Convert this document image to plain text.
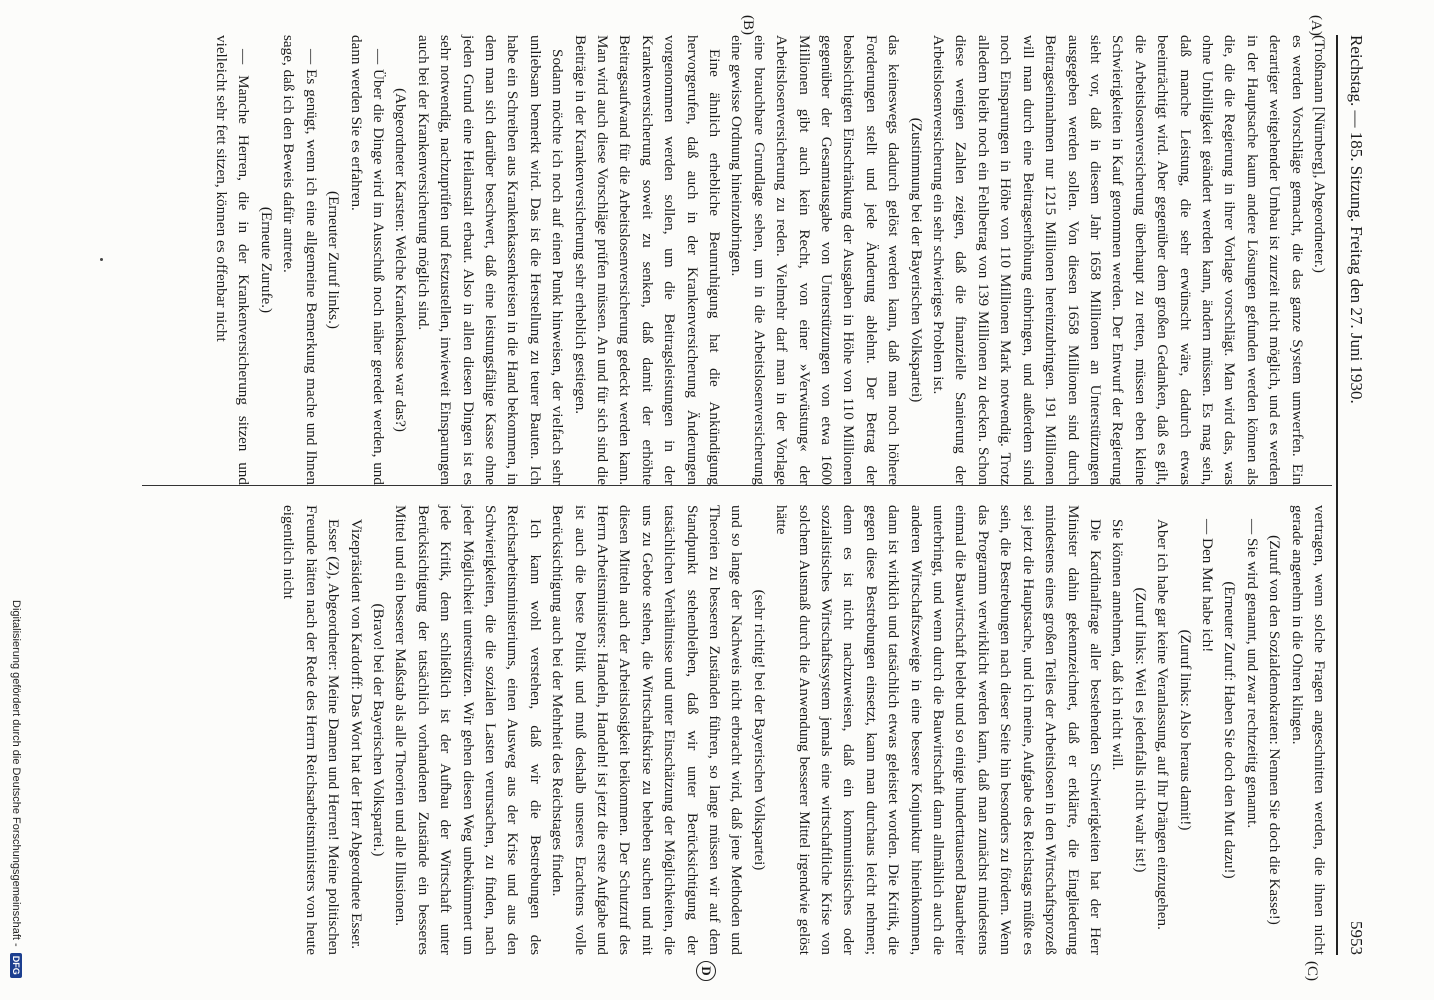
Reichstag. — 185. Sitzung. Freitag den 27. Juni 1930.
5953
(A)
(B)
(C)
D

(Troßmann [Nürnberg], Abgeordneter.)

es werden Vorschläge gemacht, die das ganze System umwerfen. Ein derartiger weitgehender Umbau ist zurzeit nicht möglich, und es werden in der Hauptsache kaum andere Lösungen gefunden werden können als die, die die Regierung in ihrer Vorlage vorschlägt. Man wird das, was ohne Unbilligkeit geändert werden kann, ändern müssen. Es mag sein, daß manche Leistung, die sehr erwünscht wäre, dadurch etwas beeinträchtigt wird. Aber gegenüber dem großen Gedanken, daß es gilt, die Arbeitslosenversicherung überhaupt zu retten, müssen eben kleine Schwierigkeiten in Kauf genommen werden. Der Entwurf der Regierung sieht vor, daß in diesem Jahr 1658 Millionen an Unterstützungen ausgegeben werden sollen. Von diesen 1658 Millionen sind durch Beitragseinnahmen nur 1215 Millionen hereinzubringen. 191 Millionen will man durch eine Beitragserhöhung einbringen, und außerdem sind noch Einsparungen in Höhe von 110 Millionen Mark notwendig. Trotz alledem bleibt noch ein Fehlbetrag von 139 Millionen zu decken. Schon diese wenigen Zahlen zeigen, daß die finanzielle Sanierung der Arbeitslosenversicherung ein sehr schwieriges Problem ist.

(Zustimmung bei der Bayerischen Volkspartei)

das keineswegs dadurch gelöst werden kann, daß man noch höhere Forderungen stellt und jede Änderung ablehnt. Der Betrag der beabsichtigten Einschränkung der Ausgaben in Höhe von 110 Millionen gegenüber der Gesamtausgabe von Unterstützungen von etwa 1600 Millionen gibt auch kein Recht, von einer »Verwüstung« der Arbeitslosenversicherung zu reden. Vielmehr darf man in der Vorlage eine brauchbare Grundlage sehen, um in die Arbeitslosenversicherung eine gewisse Ordnung hineinzubringen.

Eine ähnlich erhebliche Beunruhigung hat die Ankündigung hervorgerufen, daß auch in der Krankenversicherung Änderungen vorgenommen werden sollen, um die Beitragsleistungen in der Krankenversicherung soweit zu senken, daß damit der erhöhte Beitragsaufwand für die Arbeitslosenversicherung gedeckt werden kann. Man wird auch diese Vorschläge prüfen müssen. An und für sich sind die Beiträge in der Krankenversicherung sehr erheblich gestiegen.

Sodann möchte ich noch auf einen Punkt hinweisen, der vielfach sehr unliebsam bemerkt wird. Das ist die Herstellung zu teurer Bauten. Ich habe ein Schreiben aus Krankenkassenkreisen in die Hand bekommen, in dem man sich darüber beschwert, daß eine leistungsfähige Kasse ohne jeden Grund eine Heilanstalt erbaut. Also in allen diesen Dingen ist es sehr notwendig, nachzuprüfen und festzustellen, inwieweit Einsparungen auch bei der Krankenversicherung möglich sind.

(Abgeordneter Karsten: Welche Krankenkasse war das?)

— Über die Dinge wird im Ausschuß noch näher geredet werden, und dann werden Sie es erfahren.

(Erneuter Zuruf links.)

— Es genügt, wenn ich eine allgemeine Bemerkung mache und Ihnen sage, daß ich den Beweis dafür antrete.

(Erneute Zurufe.)

— Manche Herren, die in der Krankenversicherung sitzen und vielleicht sehr fett sitzen, können es offenbar nicht

vertragen, wenn solche Fragen angeschnitten werden, die ihnen nicht gerade angenehm in die Ohren klingen.

(Zuruf von den Sozialdemokraten: Nennen Sie doch die Kasse!)

— Sie wird genannt, und zwar rechtzeitig genannt.

(Erneuter Zuruf: Haben Sie doch den Mut dazu!)

— Den Mut habe ich!

(Zuruf links: Also heraus damit!)

Aber ich habe gar keine Veranlassung, auf Ihr Drängen einzugehen.

(Zuruf links: Weil es jedenfalls nicht wahr ist!)

Sie können annehmen, daß ich nicht will.

Die Kardinalfrage aller bestehenden Schwierigkeiten hat der Herr Minister dahin gekennzeichnet, daß er erklärte, die Eingliederung mindestens eines großen Teiles der Arbeitslosen in den Wirtschaftsprozeß sei jetzt die Hauptsache, und ich meine, Aufgabe des Reichstags müßte es sein, die Bestrebungen nach dieser Seite hin besonders zu fördern. Wenn das Programm verwirklicht werden kann, daß man zunächst mindestens einmal die Bauwirtschaft belebt und so einige hunderttausend Bauarbeiter unterbringt, und wenn durch die Bauwirtschaft dann allmählich auch die anderen Wirtschaftszweige in eine bessere Konjunktur hineinkommen, dann ist wirklich und tatsächlich etwas geleistet worden. Die Kritik, die gegen diese Bestrebungen einsetzt, kann man durchaus leicht nehmen; denn es ist nicht nachzuweisen, daß ein kommunistisches oder sozialistisches Wirtschaftssystem jemals eine wirtschaftliche Krise von solchem Ausmaß durch die Anwendung besserer Mittel irgendwie gelöst hätte

(sehr richtig! bei der Bayerischen Volkspartei)

und so lange der Nachweis nicht erbracht wird, daß jene Methoden und Theorien zu besseren Zuständen führen, so lange müssen wir auf dem Standpunkt stehenbleiben, daß wir unter Berücksichtigung der tatsächlichen Verhältnisse und unter Einschätzung der Möglichkeiten, die uns zu Gebote stehen, die Wirtschaftskrise zu beheben suchen und mit diesen Mitteln auch der Arbeitslosigkeit beikommen. Der Schutzruf des Herrn Arbeitsministers: Handeln, Handeln! ist jetzt die erste Aufgabe und ist auch die beste Politik und muß deshalb unseres Erachtens volle Berücksichtigung auch bei der Mehrheit des Reichstages finden.

Ich kann wohl verstehen, daß wir die Bestrebungen des Reichsarbeitsministeriums, einen Ausweg aus der Krise und aus den Schwierigkeiten, die die sozialen Lasten verursachen, zu finden, nach jeder Möglichkeit unterstützen. Wir gehen diesen Weg unbekümmert um jede Kritik, denn schließlich ist der Aufbau der Wirtschaft unter Berücksichtigung der tatsächlich vorhandenen Zustände ein besseres Mittel und ein besserer Maßstab als alle Theorien und alle Illusionen.

(Bravo! bei der Bayerischen Volkspartei.)

Vizepräsident von Kardorff: Das Wort hat der Herr Abgeordnete Esser.

Esser (Z), Abgeordneter: Meine Damen und Herren! Meine politischen Freunde hätten nach der Rede des Herrn Reichsarbeitsministers von heute eigentlich nicht

Digitalisierung gefördert durch die Deutsche Forschungsgemeinschaft - DFG
